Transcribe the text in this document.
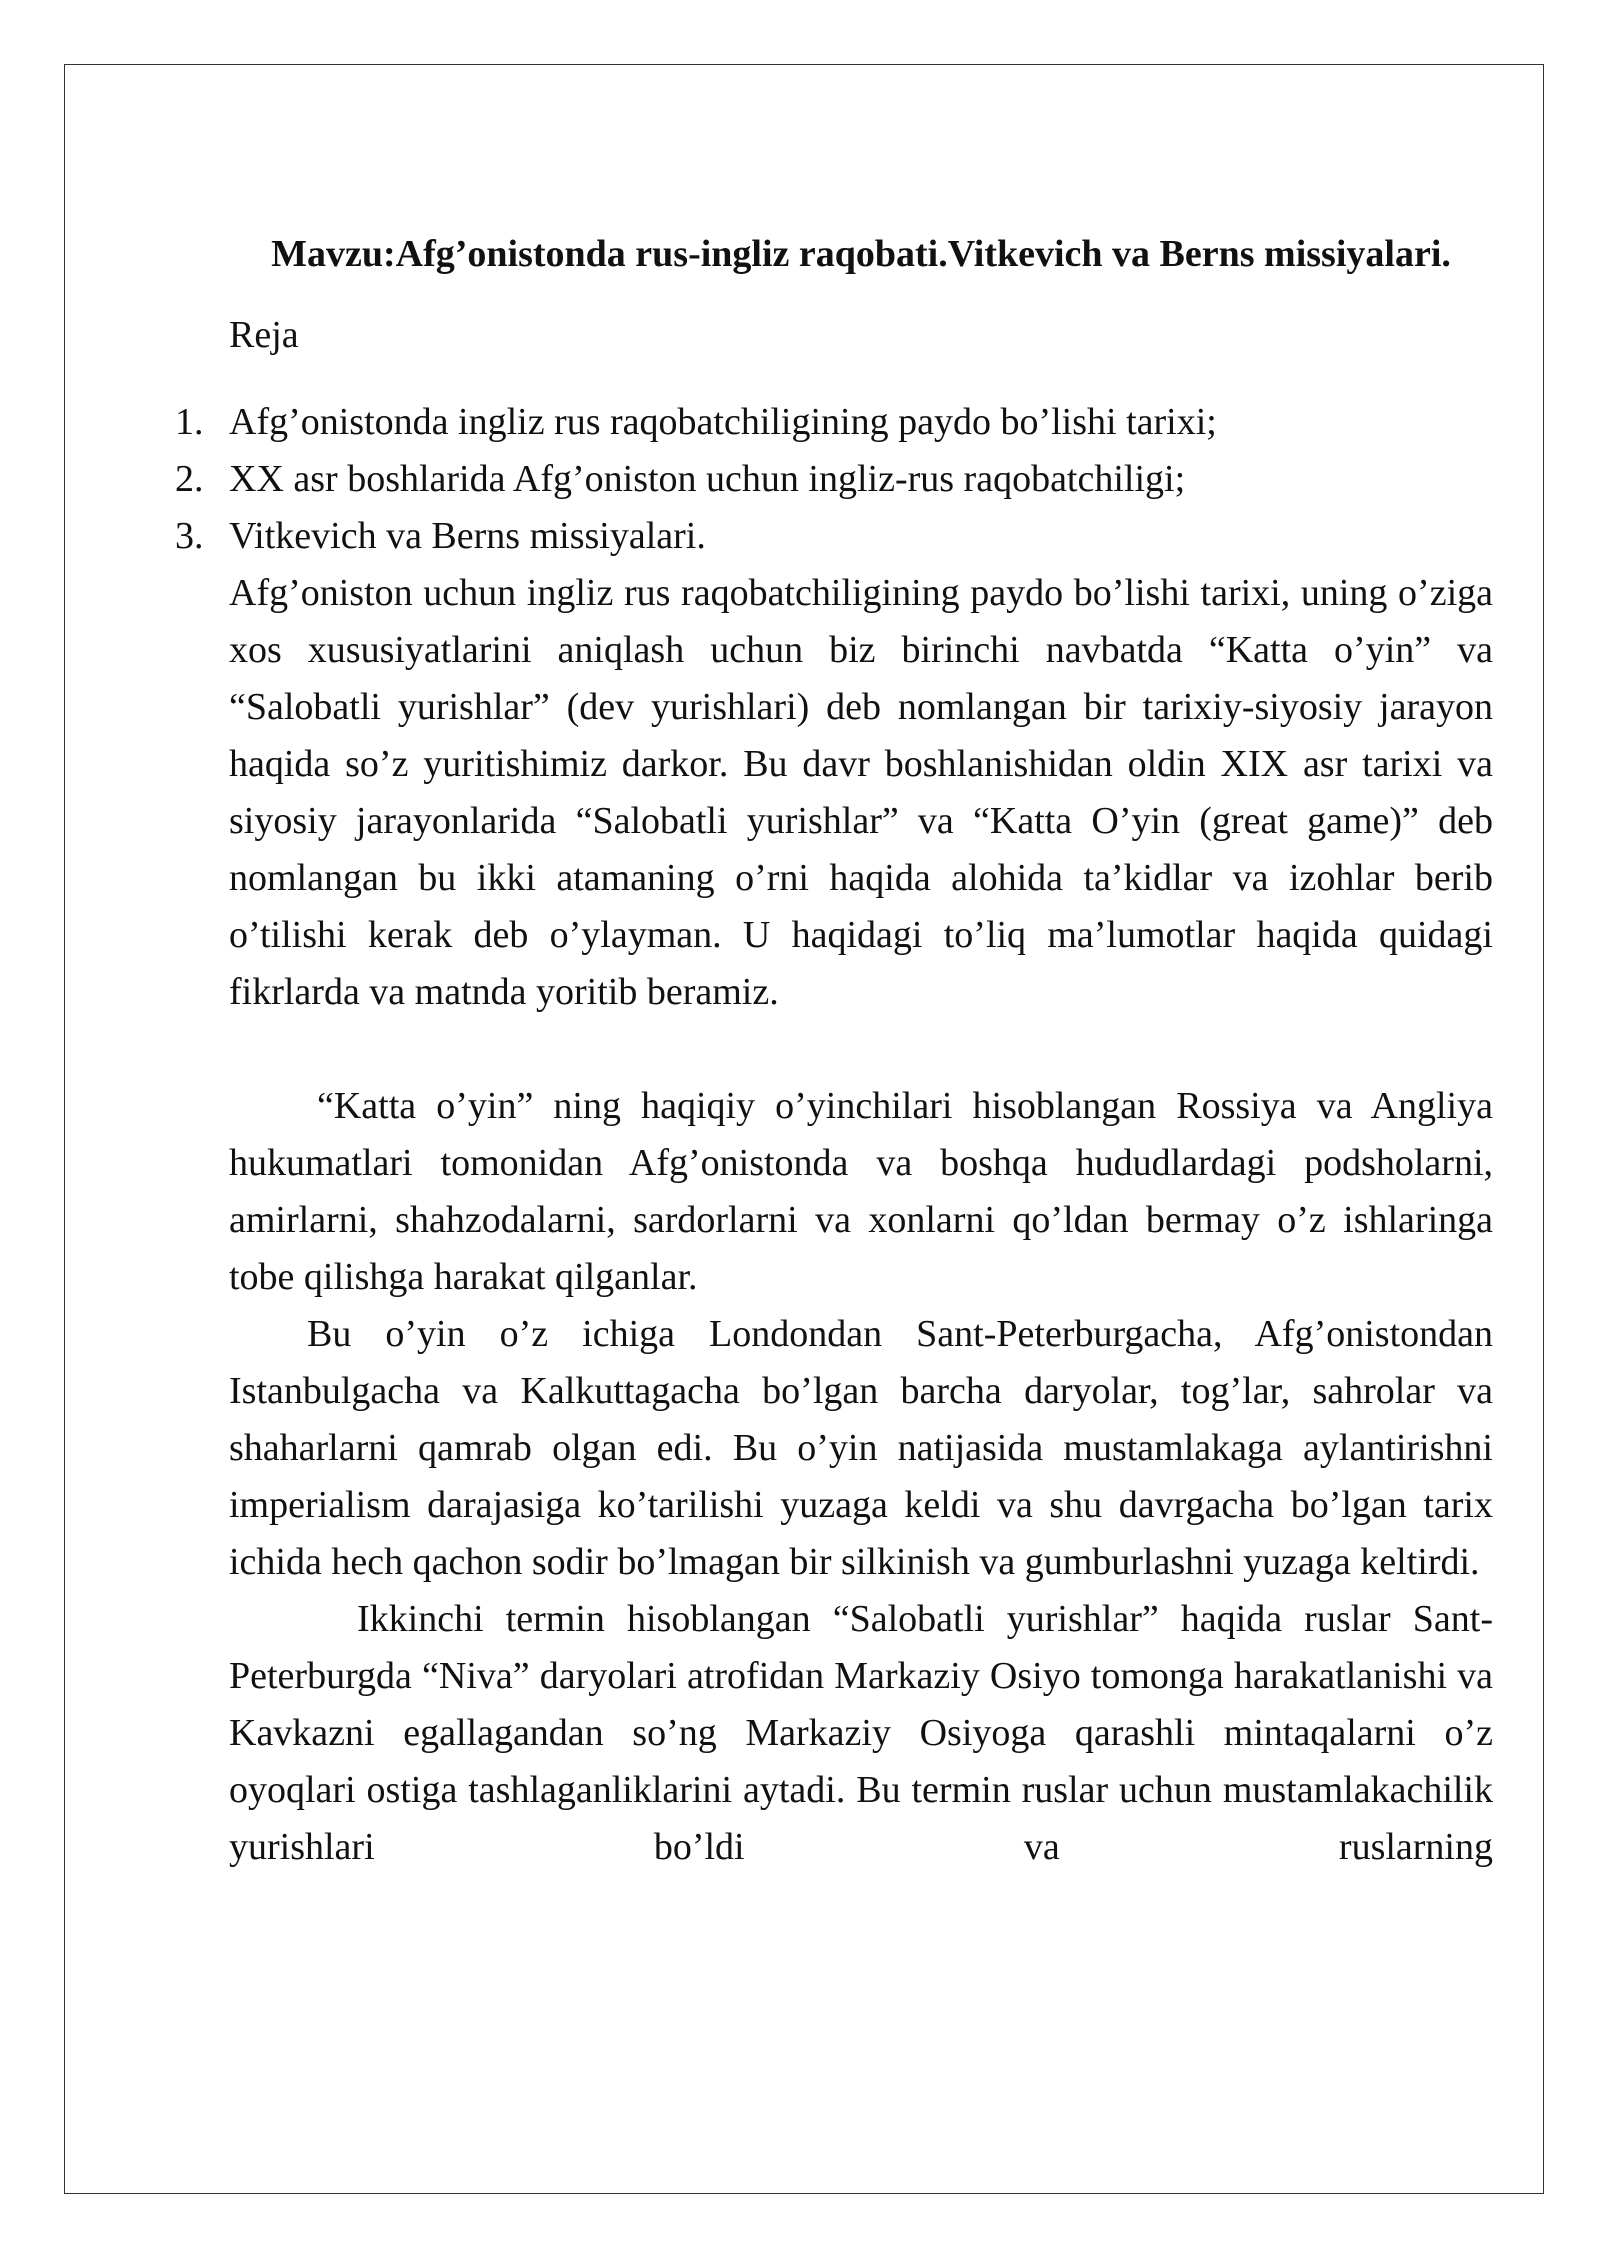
Mavzu:Afg’onistonda rus-ingliz raqobati.Vitkevich va Berns missiyalari.
Reja
1. Afg’onistonda ingliz rus raqobatchiligining paydo bo’lishi tarixi;
2. XX asr boshlarida Afg’oniston uchun ingliz-rus raqobatchiligi;
3. Vitkevich va Berns missiyalari.

Afg’oniston uchun ingliz rus raqobatchiligining paydo bo’lishi tarixi, uning o’ziga xos xususiyatlarini aniqlash uchun biz birinchi navbatda “Katta o’yin” va “Salobatli yurishlar” (dev yurishlari) deb nomlangan bir tarixiy-siyosiy jarayon haqida so’z yuritishimiz darkor. Bu davr boshlanishidan oldin XIX asr tarixi va siyosiy jarayonlarida “Salobatli yurishlar” va “Katta O’yin (great game)” deb nomlangan bu ikki atamaning o’rni haqida alohida ta’kidlar va izohlar berib o’tilishi kerak deb o’ylayman. U haqidagi to’liq ma’lumotlar haqida quidagi fikrlarda va matnda yoritib beramiz.

“Katta o’yin” ning haqiqiy o’yinchilari hisoblangan Rossiya va Angliya hukumatlari tomonidan Afg’onistonda va boshqa hududlardagi podsholarni, amirlarni, shahzodalarni, sardorlarni va xonlarni qo’ldan bermay o’z ishlaringa tobe qilishga harakat qilganlar.

Bu o’yin o’z ichiga Londondan Sant-Peterburgacha, Afg’onistondan Istanbulgacha va Kalkuttagacha bo’lgan barcha daryolar, tog’lar, sahrolar va shaharlarni qamrab olgan edi. Bu o’yin natijasida mustamlakaga aylantirishni imperialism darajasiga ko’tarilishi yuzaga keldi va shu davrgacha bo’lgan tarix ichida hech qachon sodir bo’lmagan bir silkinish va gumburlashni yuzaga keltirdi.

Ikkinchi termin hisoblangan “Salobatli yurishlar” haqida ruslar Sant-Peterburgda “Niva” daryolari atrofidan Markaziy Osiyo tomonga harakatlanishi va Kavkazni egallagandan so’ng Markaziy Osiyoga qarashli mintaqalarni o’z oyoqlari ostiga tashlaganliklarini aytadi. Bu termin ruslar uchun mustamlakachilik yurishlari bo’ldi va ruslarning
